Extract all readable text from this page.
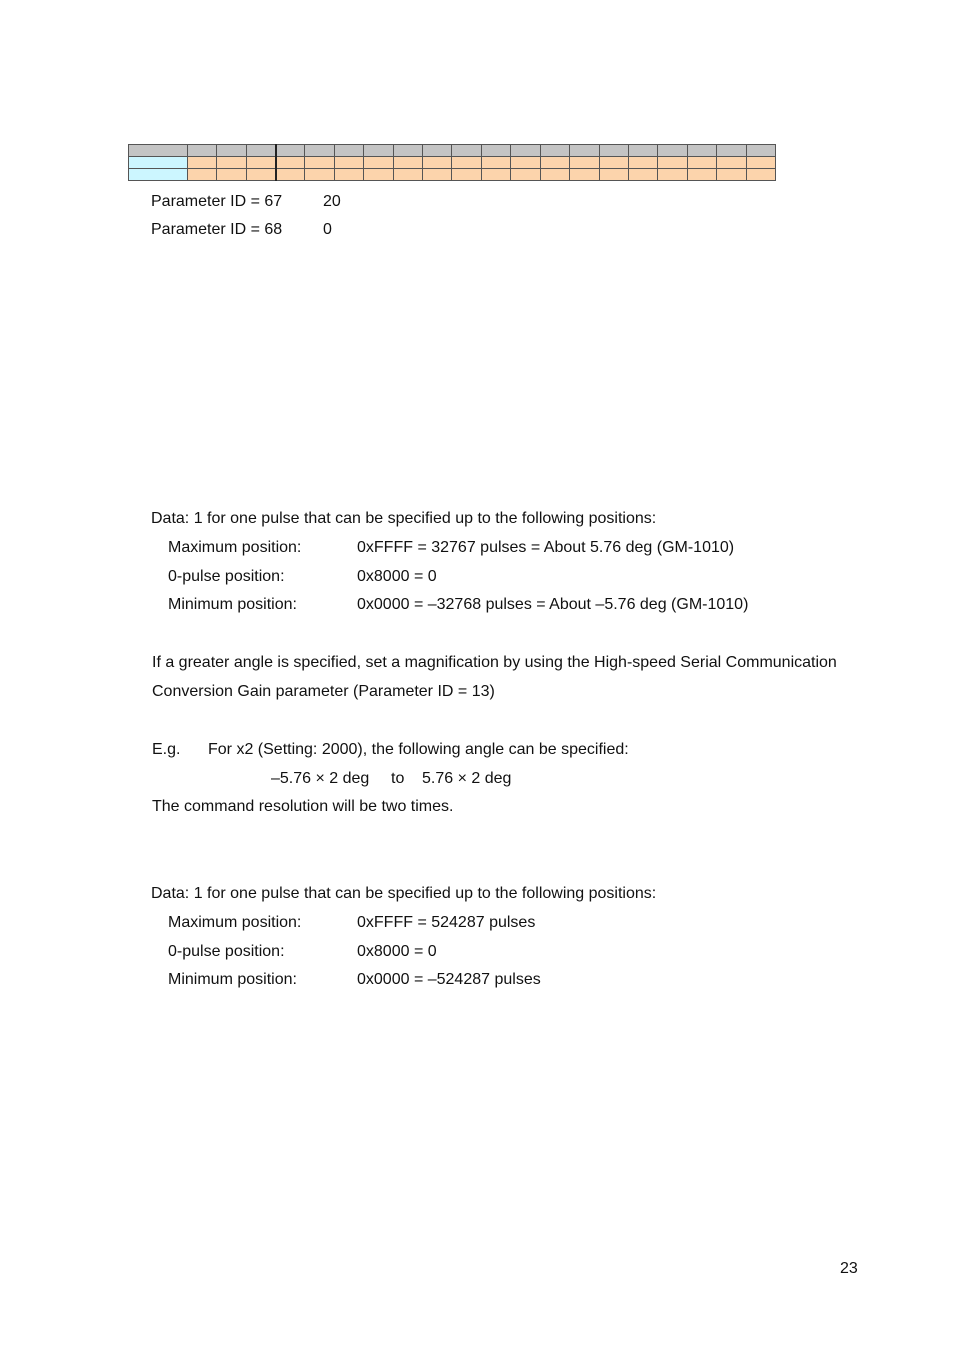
Parameter ID = 67	20
Parameter ID = 68	0
Data: 1 for one pulse that can be specified up to the following positions:
Maximum position:	0xFFFF = 32767 pulses = About 5.76 deg (GM-1010)
0-pulse position:	0x8000 = 0
Minimum position:	0x0000 = –32768 pulses = About –5.76 deg (GM-1010)
If a greater angle is specified, set a magnification by using the High-speed Serial Communication
Conversion Gain parameter (Parameter ID = 13)
E.g. For x2 (Setting: 2000), the following angle can be specified:
–5.76 × 2 deg to 5.76 × 2 deg
The command resolution will be two times.
Data: 1 for one pulse that can be specified up to the following positions:
Maximum position:	0xFFFF = 524287 pulses
0-pulse position:	0x8000 = 0
Minimum position:	0x0000 = –524287 pulses
23
